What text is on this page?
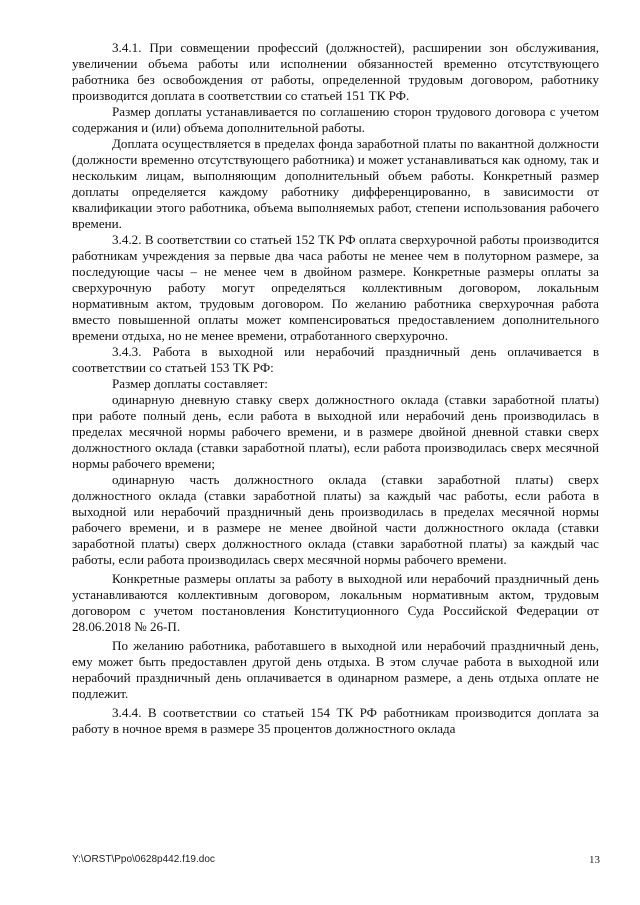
3.4.1. При совмещении профессий (должностей), расширении зон обслуживания, увеличении объема работы или исполнении обязанностей временно отсутствующего работника без освобождения от работы, определенной трудовым договором, работнику производится доплата в соответствии со статьей 151 ТК РФ.

Размер доплаты устанавливается по соглашению сторон трудового договора с учетом содержания и (или) объема дополнительной работы.

Доплата осуществляется в пределах фонда заработной платы по вакантной должности (должности временно отсутствующего работника) и может устанавливаться как одному, так и нескольким лицам, выполняющим дополнительный объем работы. Конкретный размер доплаты определяется каждому работнику дифференцированно, в зависимости от квалификации этого работника, объема выполняемых работ, степени использования рабочего времени.

3.4.2. В соответствии со статьей 152 ТК РФ оплата сверхурочной работы производится работникам учреждения за первые два часа работы не менее чем в полуторном размере, за последующие часы – не менее чем в двойном размере. Конкретные размеры оплаты за сверхурочную работу могут определяться коллективным договором, локальным нормативным актом, трудовым договором. По желанию работника сверхурочная работа вместо повышенной оплаты может компенсироваться предоставлением дополнительного времени отдыха, но не менее времени, отработанного сверхурочно.

3.4.3. Работа в выходной или нерабочий праздничный день оплачивается в соответствии со статьей 153 ТК РФ:

Размер доплаты составляет:

одинарную дневную ставку сверх должностного оклада (ставки заработной платы) при работе полный день, если работа в выходной или нерабочий день производилась в пределах месячной нормы рабочего времени, и в размере двойной дневной ставки сверх должностного оклада (ставки заработной платы), если работа производилась сверх месячной нормы рабочего времени;

одинарную часть должностного оклада (ставки заработной платы) сверх должностного оклада (ставки заработной платы) за каждый час работы, если работа в выходной или нерабочий праздничный день производилась в пределах месячной нормы рабочего времени, и в размере не менее двойной части должностного оклада (ставки заработной платы) сверх должностного оклада (ставки заработной платы) за каждый час работы, если работа производилась сверх месячной нормы рабочего времени.

Конкретные размеры оплаты за работу в выходной или нерабочий праздничный день устанавливаются коллективным договором, локальным нормативным актом, трудовым договором с учетом постановления Конституционного Суда Российской Федерации от 28.06.2018 № 26-П.

По желанию работника, работавшего в выходной или нерабочий праздничный день, ему может быть предоставлен другой день отдыха. В этом случае работа в выходной или нерабочий праздничный день оплачивается в одинарном размере, а день отдыха оплате не подлежит.

3.4.4. В соответствии со статьей 154 ТК РФ работникам производится доплата за работу в ночное время в размере 35 процентов должностного оклада

Y:\ORST\Ppo\0628p442.f19.doc	13
